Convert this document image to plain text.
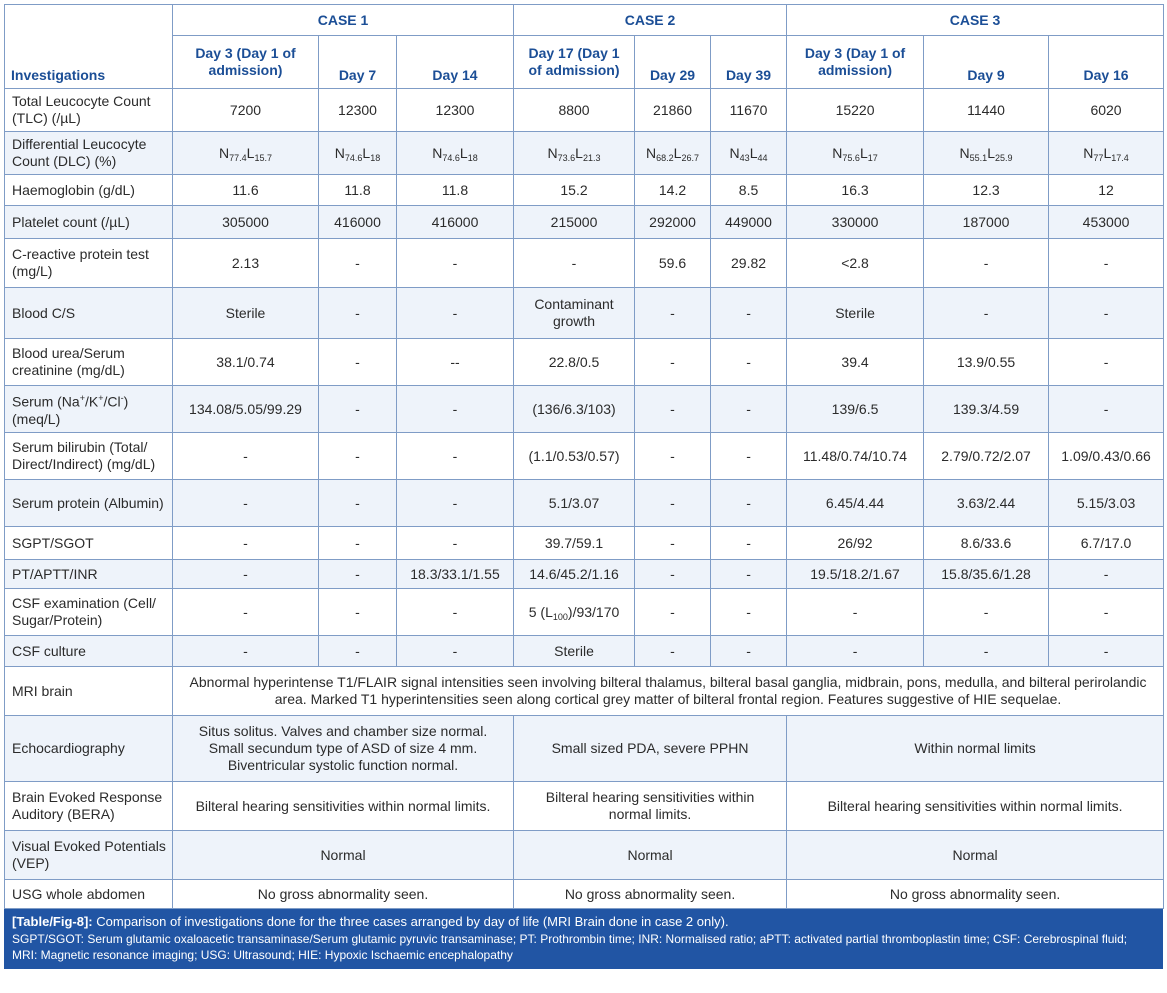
	CASE 1			CASE 2			CASE 3		
Investigations	Day 3 (Day 1 of admission)	Day 7	Day 14	Day 17 (Day 1 of admission)	Day 29	Day 39	Day 3 (Day 1 of admission)	Day 9	Day 16
Total Leucocyte Count (TLC) (/µL)	7200	12300	12300	8800	21860	11670	15220	11440	6020
Differential Leucocyte Count (DLC) (%)	$N_{77.4}L_{15.7}$	$N_{74.6}L_{18}$	$N_{74.6}L_{18}$	$N_{73.6}L_{21.3}$	$N_{68.2}L_{26.7}$	$N_{43}L_{44}$	$N_{75.6}L_{17}$	$N_{55.1}L_{25.9}$	$N_{77}L_{17.4}$
Haemoglobin (g/dL)	11.6	11.8	11.8	15.2	14.2	8.5	16.3	12.3	12
Platelet count (/µL)	305000	416000	416000	215000	292000	449000	330000	187000	453000
C-reactive protein test (mg/L)	2.13	-	-	-	59.6	29.82	<2.8	-	-
Blood C/S	Sterile	-	-	Contaminant growth	-	-	Sterile	-	-
Blood urea/Serum creatinine (mg/dL)	38.1/0.74	-	--	22.8/0.5	-	-	39.4	13.9/0.55	-
Serum (Na+/K+/Cl-) (meq/L)	134.08/5.05/99.29	-	-	(136/6.3/103)	-	-	139/6.5	139.3/4.59	-
Serum bilirubin (Total/ Direct/Indirect) (mg/dL)	-	-	-	(1.1/0.53/0.57)	-	-	11.48/0.74/10.74	2.79/0.72/2.07	1.09/0.43/0.66
Serum protein (Albumin)	-	-	-	5.1/3.07	-	-	6.45/4.44	3.63/2.44	5.15/3.03
SGPT/SGOT	-	-	-	39.7/59.1	-	-	26/92	8.6/33.6	6.7/17.0
PT/APTT/INR	-	-	18.3/33.1/1.55	14.6/45.2/1.16	-	-	19.5/18.2/1.67	15.8/35.6/1.28	-
CSF examination (Cell/ Sugar/Protein)	-	-	-	5 $(L_{100})/93/170$	-	-	-	-	-
CSF culture	-	-	-	Sterile	-	-	-	-	-
MRI brain	Abnormal hyperintense T1/FLAIR signal intensities seen involving bilteral thalamus, bilteral basal ganglia, midbrain, pons, medulla, and bilteral perirolandic area. Marked T1 hyperintensities seen along cortical grey matter of bilteral frontal region. Features suggestive of HIE sequelae.								
Echocardiography	Situs solitus. Valves and chamber size normal. Small secundum type of ASD of size 4 mm. Biventricular systolic function normal.			Small sized PDA, severe PPHN			Within normal limits		
Brain Evoked Response Auditory (BERA)	Bilteral hearing sensitivities within normal limits.			Bilteral hearing sensitivities within normal limits.			Bilteral hearing sensitivities within normal limits.		
Visual Evoked Potentials (VEP)	Normal			Normal			Normal		
USG whole abdomen	No gross abnormality seen.			No gross abnormality seen.			No gross abnormality seen.		
[Table/Fig-8]: Comparison of investigations done for the three cases arranged by day of life (MRI Brain done in case 2 only).
SGPT/SGOT: Serum glutamic oxaloacetic transaminase/Serum glutamic pyruvic transaminase; PT: Prothrombin time; INR: Normalised ratio; aPTT: activated partial thromboplastin time; CSF: Cerebrospinal fluid; MRI: Magnetic resonance imaging; USG: Ultrasound; HIE: Hypoxic Ischaemic encephalopathy
